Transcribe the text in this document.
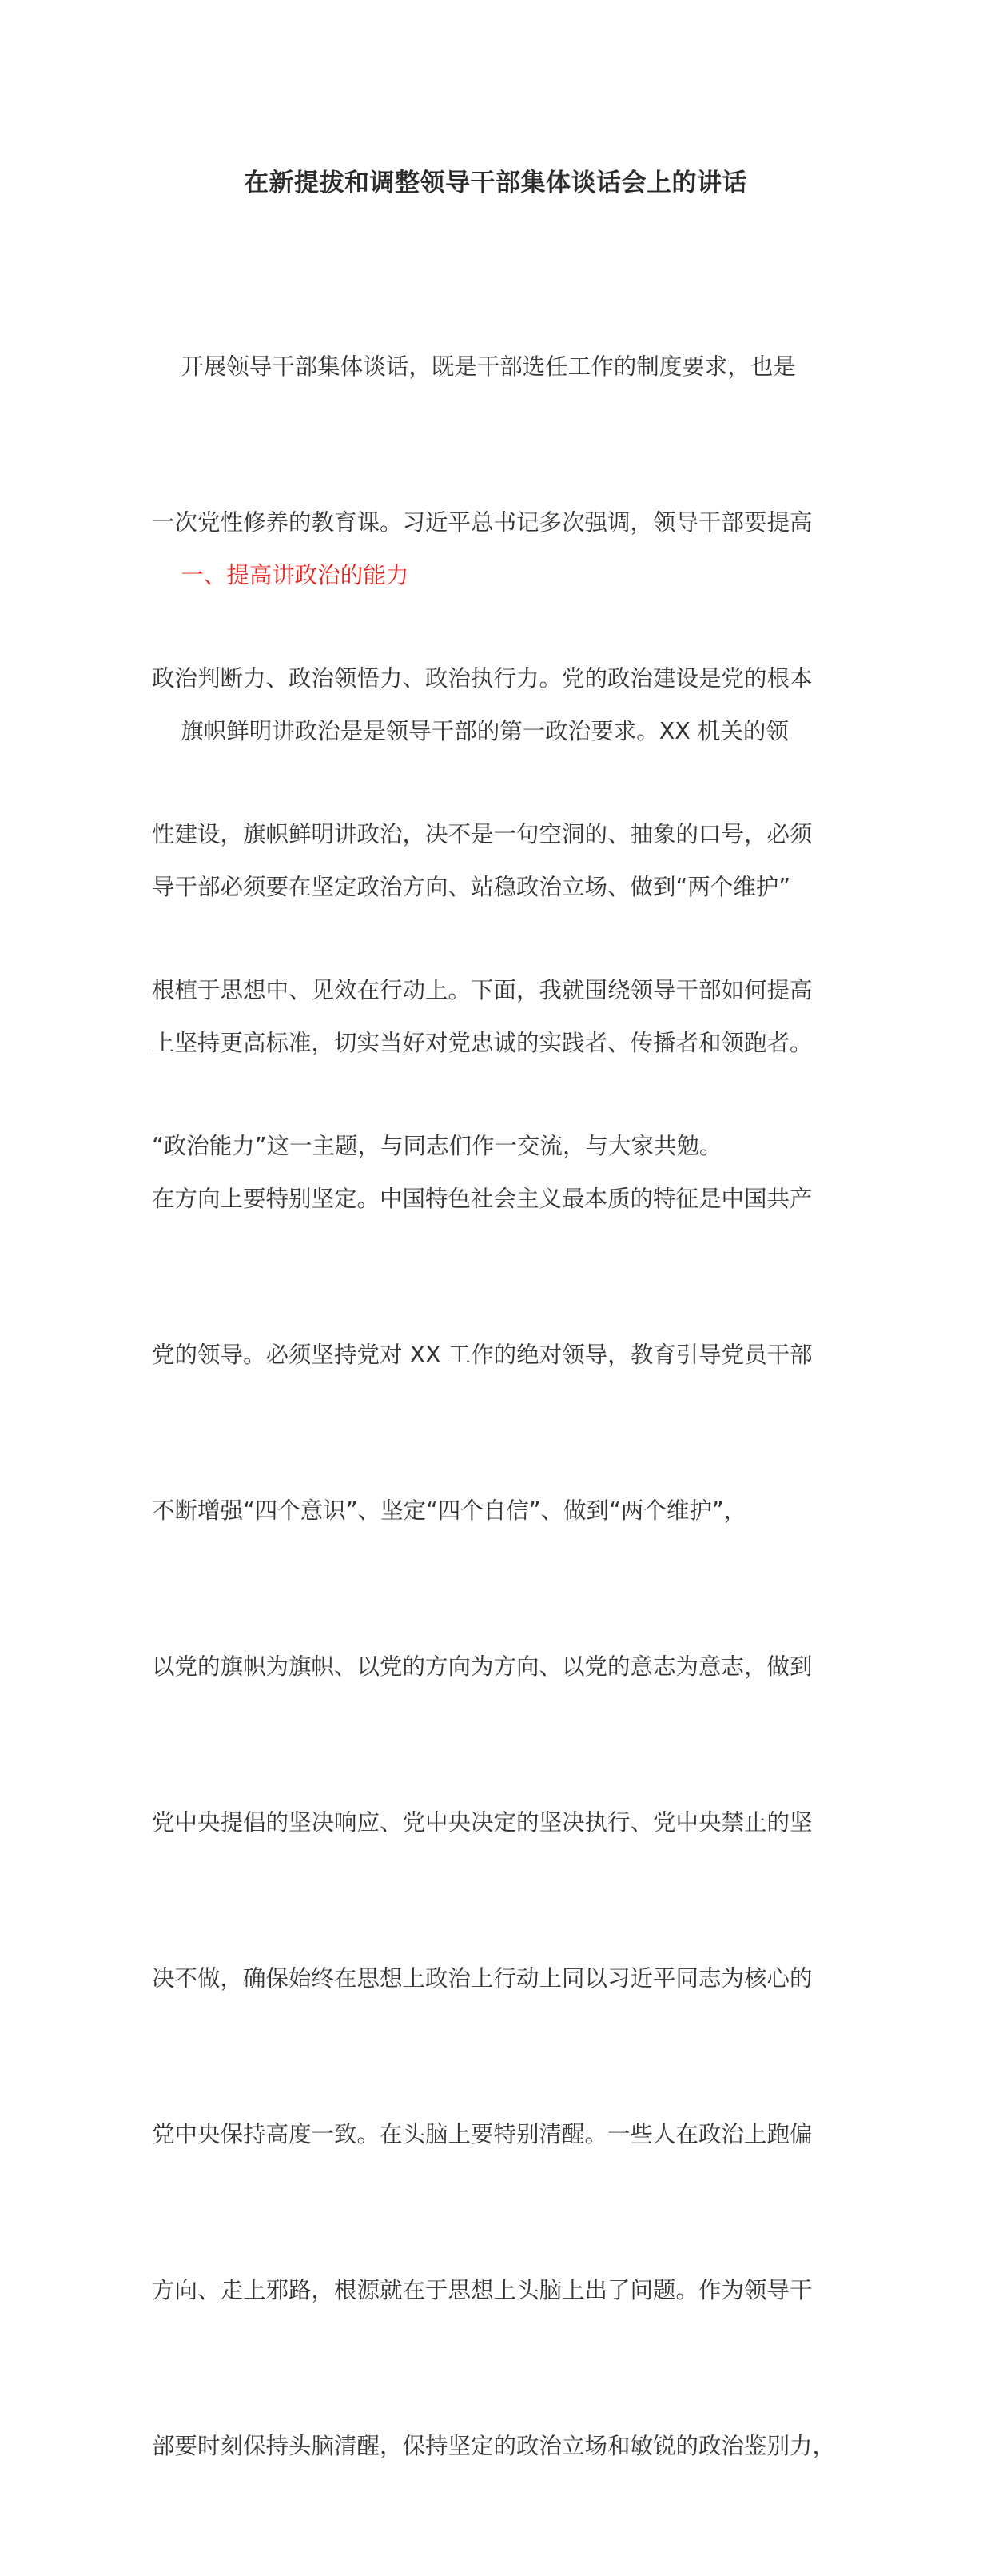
在新提拔和调整领导干部集体谈话会上的讲话

开展领导干部集体谈话，既是干部选任工作的制度要求，也是

一次党性修养的教育课。习近平总书记多次强调，领导干部要提高

政治判断力、政治领悟力、政治执行力。党的政治建设是党的根本

性建设，旗帜鲜明讲政治，决不是一句空洞的、抽象的口号，必须

根植于思想中、见效在行动上。下面，我就围绕领导干部如何提高

“政治能力”这一主题，与同志们作一交流，与大家共勉。

一、提高讲政治的能力

旗帜鲜明讲政治是是领导干部的第一政治要求。XX 机关的领

导干部必须要在坚定政治方向、站稳政治立场、做到“两个维护”

上坚持更高标准，切实当好对党忠诚的实践者、传播者和领跑者。

在方向上要特别坚定。中国特色社会主义最本质的特征是中国共产

党的领导。必须坚持党对 XX 工作的绝对领导，教育引导党员干部

不断增强“四个意识”、坚定“四个自信”、做到“两个维护”，

以党的旗帜为旗帜、以党的方向为方向、以党的意志为意志，做到

党中央提倡的坚决响应、党中央决定的坚决执行、党中央禁止的坚

决不做，确保始终在思想上政治上行动上同以习近平同志为核心的

党中央保持高度一致。在头脑上要特别清醒。一些人在政治上跑偏

方向、走上邪路，根源就在于思想上头脑上出了问题。作为领导干

部要时刻保持头脑清醒，保持坚定的政治立场和敏锐的政治鉴别力，
